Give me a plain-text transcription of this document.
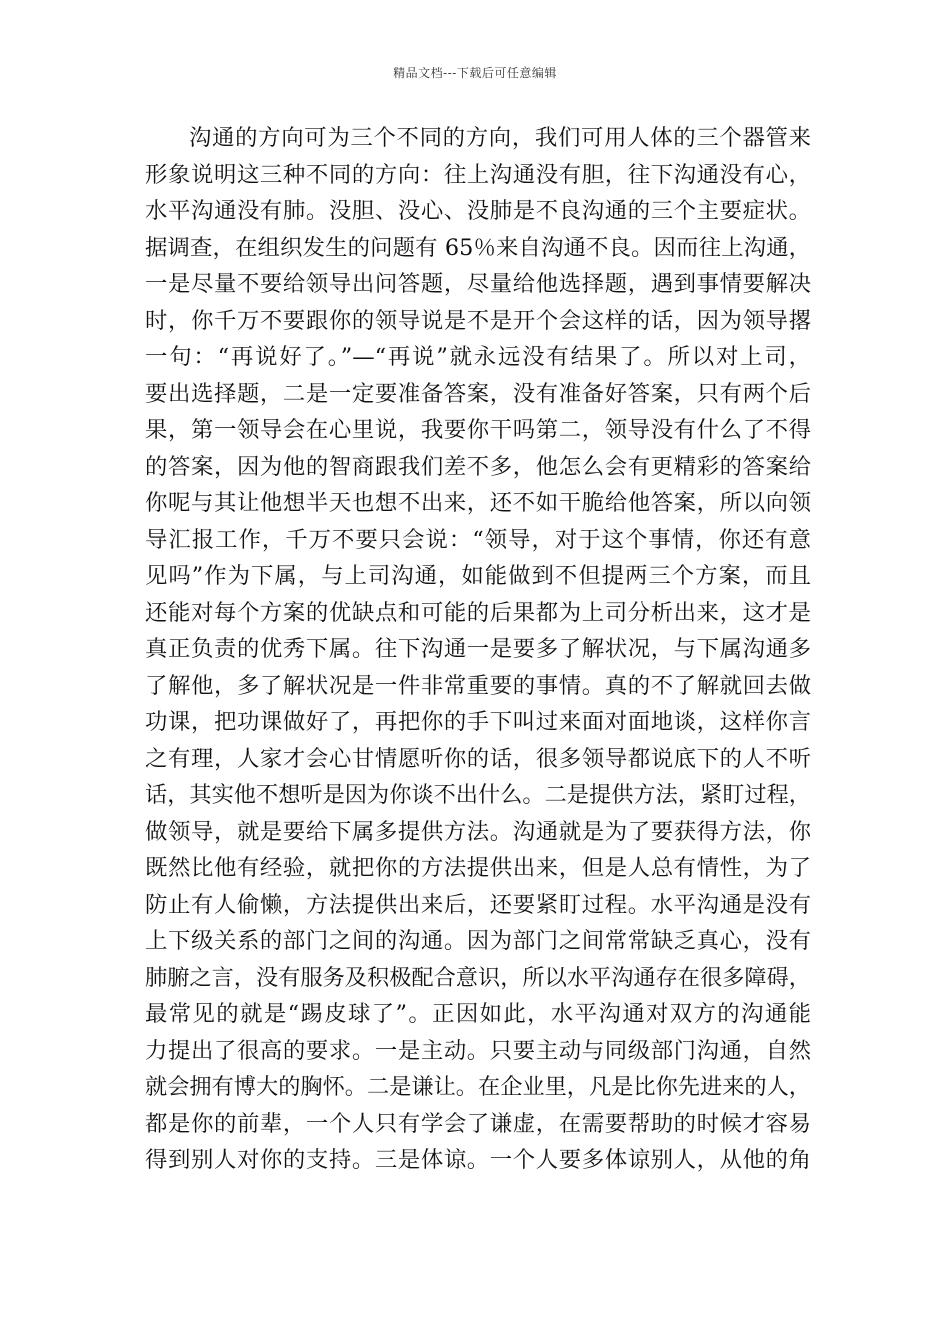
精品文档---下载后可任意编辑
沟通的方向可为三个不同的方向，我们可用人体的三个器管来
形象说明这三种不同的方向：往上沟通没有胆，往下沟通没有心，
水平沟通没有肺。没胆、没心、没肺是不良沟通的三个主要症状。
据调查，在组织发生的问题有 65％来自沟通不良。因而往上沟通，
一是尽量不要给领导出问答题，尽量给他选择题，遇到事情要解决
时，你千万不要跟你的领导说是不是开个会这样的话，因为领导撂
一句：“再说好了。”—“再说”就永远没有结果了。所以对上司，
要出选择题，二是一定要准备答案，没有准备好答案，只有两个后
果，第一领导会在心里说，我要你干吗第二，领导没有什么了不得
的答案，因为他的智商跟我们差不多，他怎么会有更精彩的答案给
你呢与其让他想半天也想不出来，还不如干脆给他答案，所以向领
导汇报工作，千万不要只会说：“领导，对于这个事情，你还有意
见吗”作为下属，与上司沟通，如能做到不但提两三个方案，而且
还能对每个方案的优缺点和可能的后果都为上司分析出来，这才是
真正负责的优秀下属。往下沟通一是要多了解状况，与下属沟通多
了解他，多了解状况是一件非常重要的事情。真的不了解就回去做
功课，把功课做好了，再把你的手下叫过来面对面地谈，这样你言
之有理，人家才会心甘情愿听你的话，很多领导都说底下的人不听
话，其实他不想听是因为你谈不出什么。二是提供方法，紧盯过程，
做领导，就是要给下属多提供方法。沟通就是为了要获得方法，你
既然比他有经验，就把你的方法提供出来，但是人总有情性，为了
防止有人偷懒，方法提供出来后，还要紧盯过程。水平沟通是没有
上下级关系的部门之间的沟通。因为部门之间常常缺乏真心，没有
肺腑之言，没有服务及积极配合意识，所以水平沟通存在很多障碍，
最常见的就是“踢皮球了”。正因如此，水平沟通对双方的沟通能
力提出了很高的要求。一是主动。只要主动与同级部门沟通，自然
就会拥有博大的胸怀。二是谦让。在企业里，凡是比你先进来的人，
都是你的前辈，一个人只有学会了谦虚，在需要帮助的时候才容易
得到别人对你的支持。三是体谅。一个人要多体谅别人，从他的角
